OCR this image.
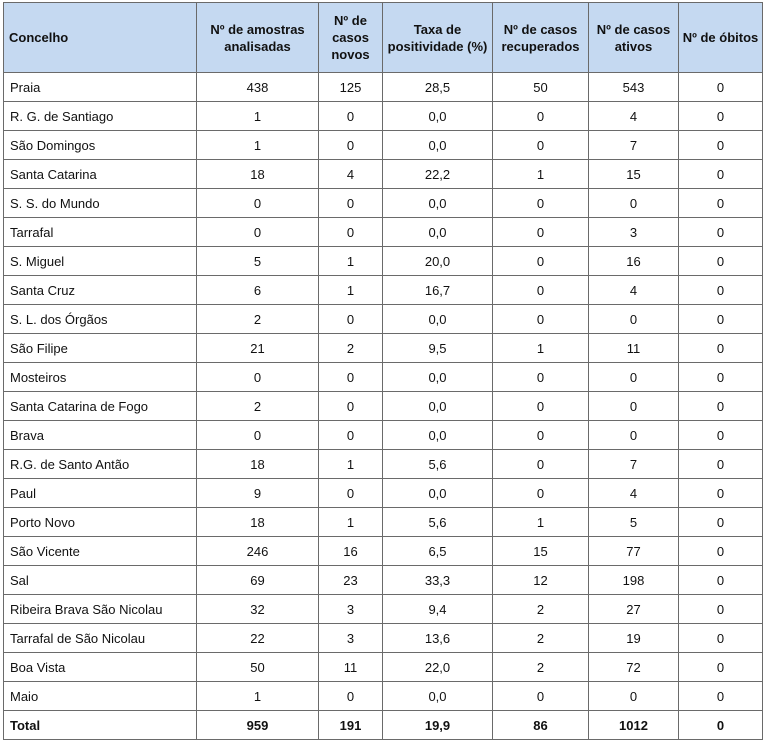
Concelho	Nº de amostras analisadas	Nº de casos novos	Taxa de positividade (%)	Nº de casos recuperados	Nº de casos ativos	Nº de óbitos
Praia	438	125	28,5	50	543	0
R. G. de Santiago	1	0	0,0	0	4	0
São Domingos	1	0	0,0	0	7	0
Santa Catarina	18	4	22,2	1	15	0
S. S. do Mundo	0	0	0,0	0	0	0
Tarrafal	0	0	0,0	0	3	0
S. Miguel	5	1	20,0	0	16	0
Santa Cruz	6	1	16,7	0	4	0
S. L. dos Órgãos	2	0	0,0	0	0	0
São Filipe	21	2	9,5	1	11	0
Mosteiros	0	0	0,0	0	0	0
Santa Catarina de Fogo	2	0	0,0	0	0	0
Brava	0	0	0,0	0	0	0
R.G. de Santo Antão	18	1	5,6	0	7	0
Paul	9	0	0,0	0	4	0
Porto Novo	18	1	5,6	1	5	0
São Vicente	246	16	6,5	15	77	0
Sal	69	23	33,3	12	198	0
Ribeira Brava São Nicolau	32	3	9,4	2	27	0
Tarrafal de São Nicolau	22	3	13,6	2	19	0
Boa Vista	50	11	22,0	2	72	0
Maio	1	0	0,0	0	0	0
Total	959	191	19,9	86	1012	0
